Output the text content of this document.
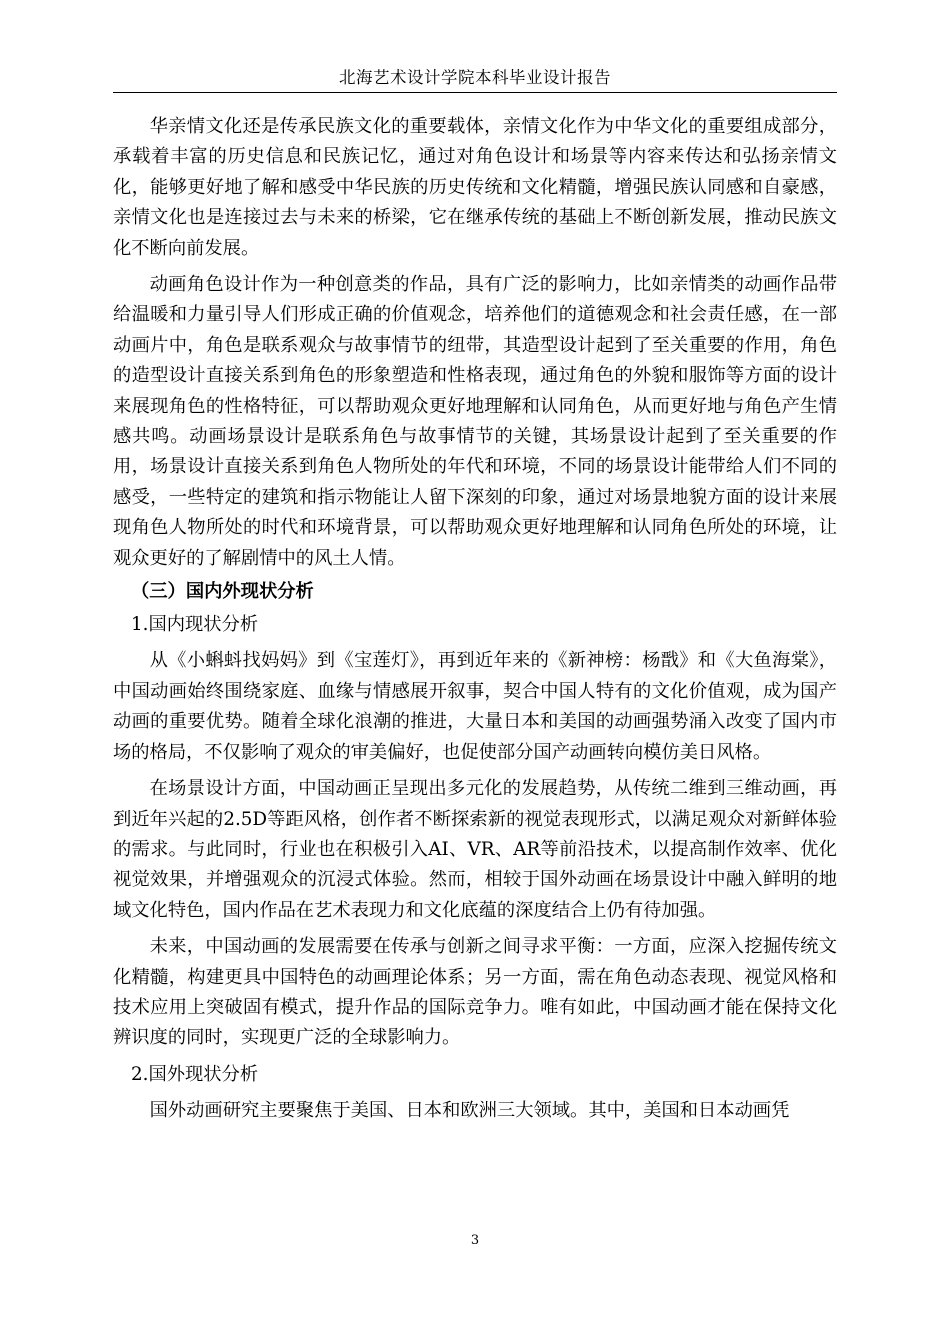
北海艺术设计学院本科毕业设计报告

华亲情文化还是传承民族文化的重要载体，亲情文化作为中华文化的重要组成部分，承载着丰富的历史信息和民族记忆，通过对角色设计和场景等内容来传达和弘扬亲情文化，能够更好地了解和感受中华民族的历史传统和文化精髓，增强民族认同感和自豪感，亲情文化也是连接过去与未来的桥梁，它在继承传统的基础上不断创新发展，推动民族文化不断向前发展。

动画角色设计作为一种创意类的作品，具有广泛的影响力，比如亲情类的动画作品带给温暖和力量引导人们形成正确的价值观念，培养他们的道德观念和社会责任感，在一部动画片中，角色是联系观众与故事情节的纽带，其造型设计起到了至关重要的作用，角色的造型设计直接关系到角色的形象塑造和性格表现，通过角色的外貌和服饰等方面的设计来展现角色的性格特征，可以帮助观众更好地理解和认同角色，从而更好地与角色产生情感共鸣。动画场景设计是联系角色与故事情节的关键，其场景设计起到了至关重要的作用，场景设计直接关系到角色人物所处的年代和环境，不同的场景设计能带给人们不同的感受，一些特定的建筑和指示物能让人留下深刻的印象，通过对场景地貌方面的设计来展现角色人物所处的时代和环境背景，可以帮助观众更好地理解和认同角色所处的环境，让观众更好的了解剧情中的风土人情。

（三）国内外现状分析

1.国内现状分析

从《小蝌蚪找妈妈》到《宝莲灯》，再到近年来的《新神榜：杨戬》和《大鱼海棠》，中国动画始终围绕家庭、血缘与情感展开叙事，契合中国人特有的文化价值观，成为国产动画的重要优势。随着全球化浪潮的推进，大量日本和美国的动画强势涌入改变了国内市场的格局，不仅影响了观众的审美偏好，也促使部分国产动画转向模仿美日风格。

在场景设计方面，中国动画正呈现出多元化的发展趋势，从传统二维到三维动画，再到近年兴起的2.5D等距风格，创作者不断探索新的视觉表现形式，以满足观众对新鲜体验的需求。与此同时，行业也在积极引入AI、VR、AR等前沿技术，以提高制作效率、优化视觉效果，并增强观众的沉浸式体验。然而，相较于国外动画在场景设计中融入鲜明的地域文化特色，国内作品在艺术表现力和文化底蕴的深度结合上仍有待加强。

未来，中国动画的发展需要在传承与创新之间寻求平衡：一方面，应深入挖掘传统文化精髓，构建更具中国特色的动画理论体系；另一方面，需在角色动态表现、视觉风格和技术应用上突破固有模式，提升作品的国际竞争力。唯有如此，中国动画才能在保持文化辨识度的同时，实现更广泛的全球影响力。

2.国外现状分析

国外动画研究主要聚焦于美国、日本和欧洲三大领域。其中，美国和日本动画凭

3
